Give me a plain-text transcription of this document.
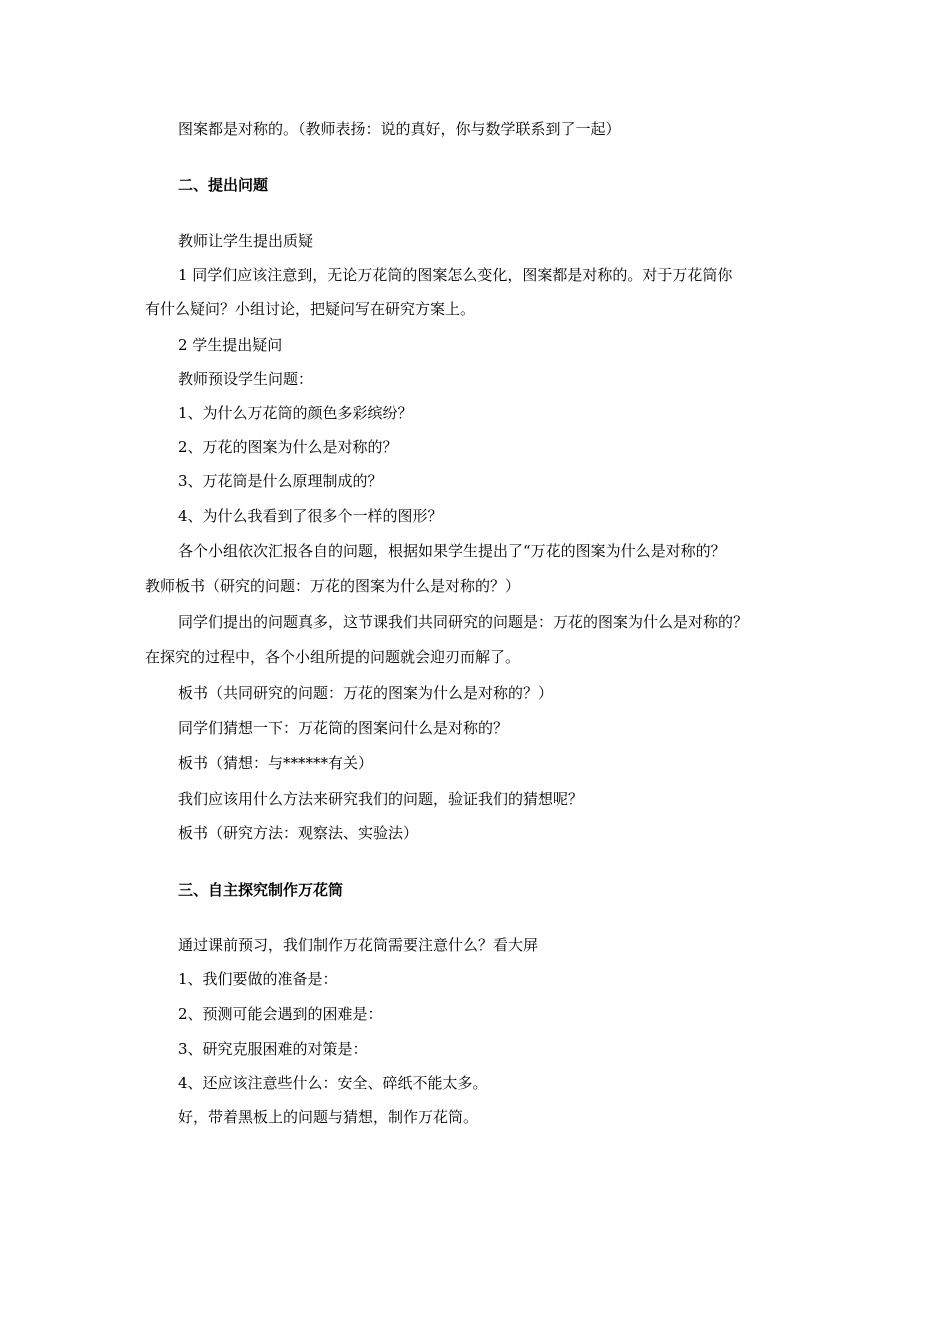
图案都是对称的。（教师表扬：说的真好，你与数学联系到了一起）
二、提出问题
教师让学生提出质疑
1 同学们应该注意到，无论万花筒的图案怎么变化，图案都是对称的。对于万花筒你
有什么疑问？小组讨论，把疑问写在研究方案上。
2 学生提出疑问
教师预设学生问题：
1、为什么万花筒的颜色多彩缤纷？
2、万花的图案为什么是对称的？
3、万花筒是什么原理制成的？
4、为什么我看到了很多个一样的图形？
各个小组依次汇报各自的问题，根据如果学生提出了“万花的图案为什么是对称的？
教师板书（研究的问题：万花的图案为什么是对称的？）
同学们提出的问题真多，这节课我们共同研究的问题是：万花的图案为什么是对称的？
在探究的过程中，各个小组所提的问题就会迎刃而解了。
板书（共同研究的问题：万花的图案为什么是对称的？）
同学们猜想一下：万花筒的图案问什么是对称的？
板书（猜想：与******有关）
我们应该用什么方法来研究我们的问题，验证我们的猜想呢？
板书（研究方法：观察法、实验法）
三、自主探究制作万花筒
通过课前预习，我们制作万花筒需要注意什么？看大屏
1、我们要做的准备是：
2、预测可能会遇到的困难是：
3、研究克服困难的对策是：
4、还应该注意些什么：安全、碎纸不能太多。
好，带着黑板上的问题与猜想，制作万花筒。
